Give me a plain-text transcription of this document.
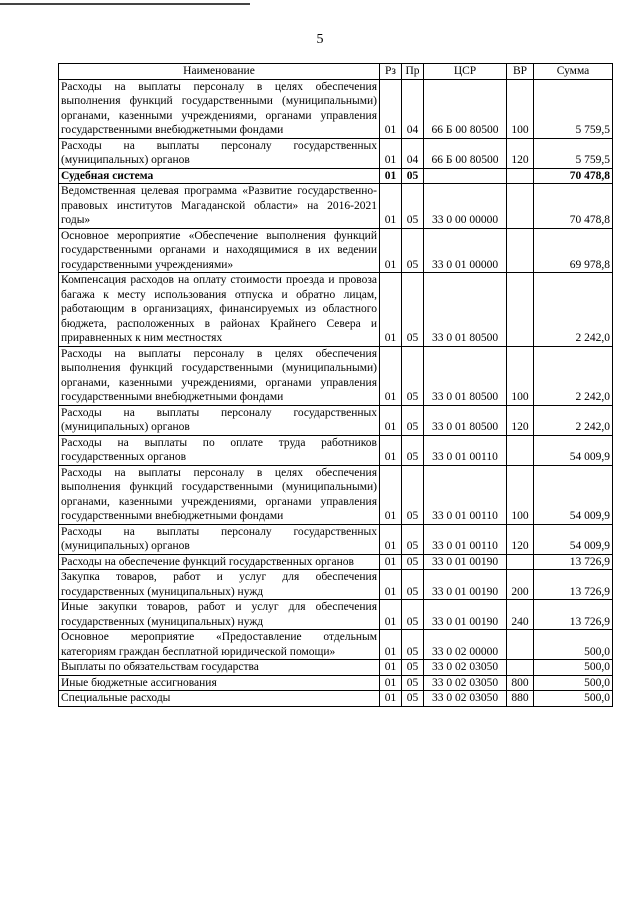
5
Наименование	Рз	Пр	ЦСР	ВР	Сумма
Расходы на выплаты персоналу в целях обеспечения выполнения функций государственными (муниципальными) органами, казенными учреждениями, органами управления государственными внебюджетными фондами	01	04	66 Б 00 80500	100	5 759,5
Расходы на выплаты персоналу государственных (муниципальных) органов	01	04	66 Б 00 80500	120	5 759,5
Судебная система	01	05			70 478,8
Ведомственная целевая программа «Развитие государственно-правовых институтов Магаданской области» на 2016-2021 годы»	01	05	33 0 00 00000		70 478,8
Основное мероприятие «Обеспечение выполнения функций государственными органами и находящимися в их ведении государственными учреждениями»	01	05	33 0 01 00000		69 978,8
Компенсация расходов на оплату стоимости проезда и провоза багажа к месту использования отпуска и обратно лицам, работающим в организациях, финансируемых из областного бюджета, расположенных в районах Крайнего Севера и приравненных к ним местностях	01	05	33 0 01 80500		2 242,0
Расходы на выплаты персоналу в целях обеспечения выполнения функций государственными (муниципальными) органами, казенными учреждениями, органами управления государственными внебюджетными фондами	01	05	33 0 01 80500	100	2 242,0
Расходы на выплаты персоналу государственных (муниципальных) органов	01	05	33 0 01 80500	120	2 242,0
Расходы на выплаты по оплате труда работников государственных органов	01	05	33 0 01 00110		54 009,9
Расходы на выплаты персоналу в целях обеспечения выполнения функций государственными (муниципальными) органами, казенными учреждениями, органами управления государственными внебюджетными фондами	01	05	33 0 01 00110	100	54 009,9
Расходы на выплаты персоналу государственных (муниципальных) органов	01	05	33 0 01 00110	120	54 009,9
Расходы на обеспечение функций государственных органов	01	05	33 0 01 00190		13 726,9
Закупка товаров, работ и услуг для обеспечения государственных (муниципальных) нужд	01	05	33 0 01 00190	200	13 726,9
Иные закупки товаров, работ и услуг для обеспечения государственных (муниципальных) нужд	01	05	33 0 01 00190	240	13 726,9
Основное мероприятие «Предоставление отдельным категориям граждан бесплатной юридической помощи»	01	05	33 0 02 00000		500,0
Выплаты по обязательствам государства	01	05	33 0 02 03050		500,0
Иные бюджетные ассигнования	01	05	33 0 02 03050	800	500,0
Специальные расходы	01	05	33 0 02 03050	880	500,0
